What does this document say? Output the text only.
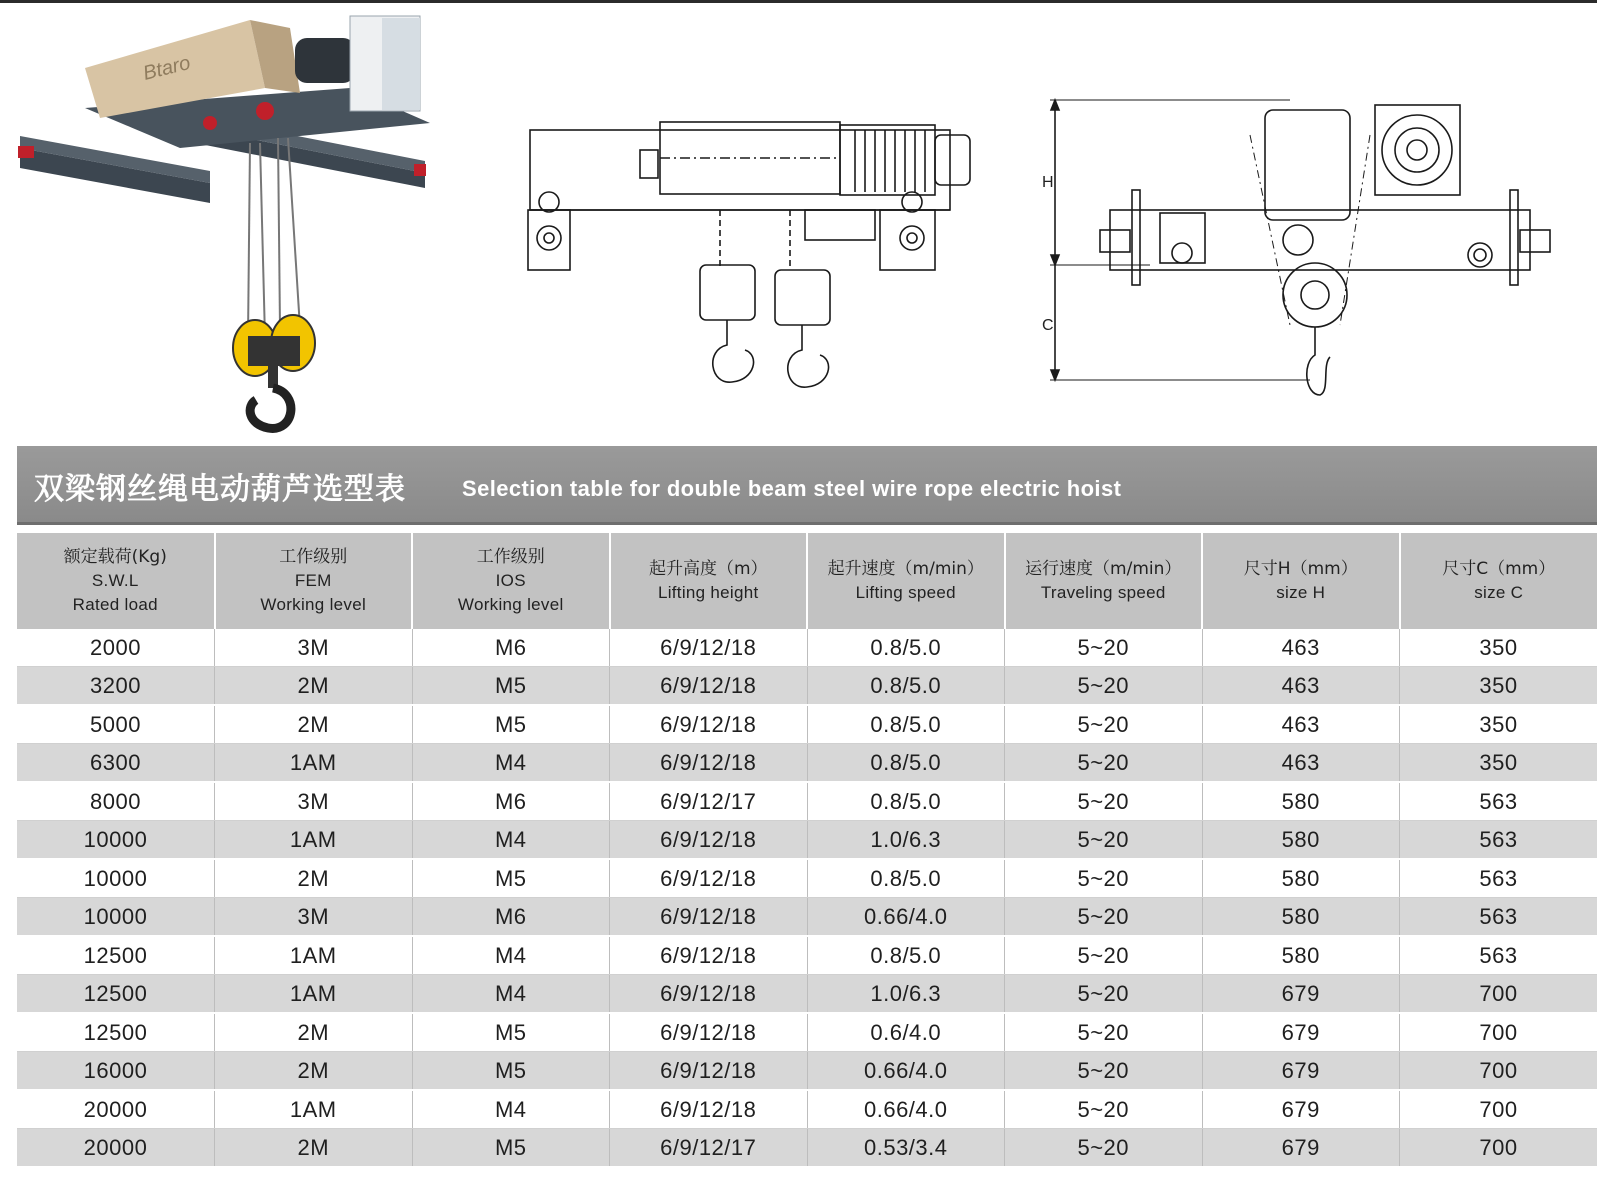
Btaro
H
C
双梁钢丝绳电动葫芦选型表	Selection table for double beam steel wire rope electric hoist
额定载荷(Kg)
S.W.L
Rated load	工作级别
FEM
Working level	工作级别
IOS
Working level	起升高度（m）
Lifting height	起升速度（m/min）
Lifting speed	运行速度（m/min）
Traveling speed	尺寸H（mm）
size H	尺寸C（mm）
size C

2000	3M	M6	6/9/12/18	0.8/5.0	5~20	463	350
3200	2M	M5	6/9/12/18	0.8/5.0	5~20	463	350
5000	2M	M5	6/9/12/18	0.8/5.0	5~20	463	350
6300	1AM	M4	6/9/12/18	0.8/5.0	5~20	463	350
8000	3M	M6	6/9/12/17	0.8/5.0	5~20	580	563
10000	1AM	M4	6/9/12/18	1.0/6.3	5~20	580	563
10000	2M	M5	6/9/12/18	0.8/5.0	5~20	580	563
10000	3M	M6	6/9/12/18	0.66/4.0	5~20	580	563
12500	1AM	M4	6/9/12/18	0.8/5.0	5~20	580	563
12500	1AM	M4	6/9/12/18	1.0/6.3	5~20	679	700
12500	2M	M5	6/9/12/18	0.6/4.0	5~20	679	700
16000	2M	M5	6/9/12/18	0.66/4.0	5~20	679	700
20000	1AM	M4	6/9/12/18	0.66/4.0	5~20	679	700
20000	2M	M5	6/9/12/17	0.53/3.4	5~20	679	700
